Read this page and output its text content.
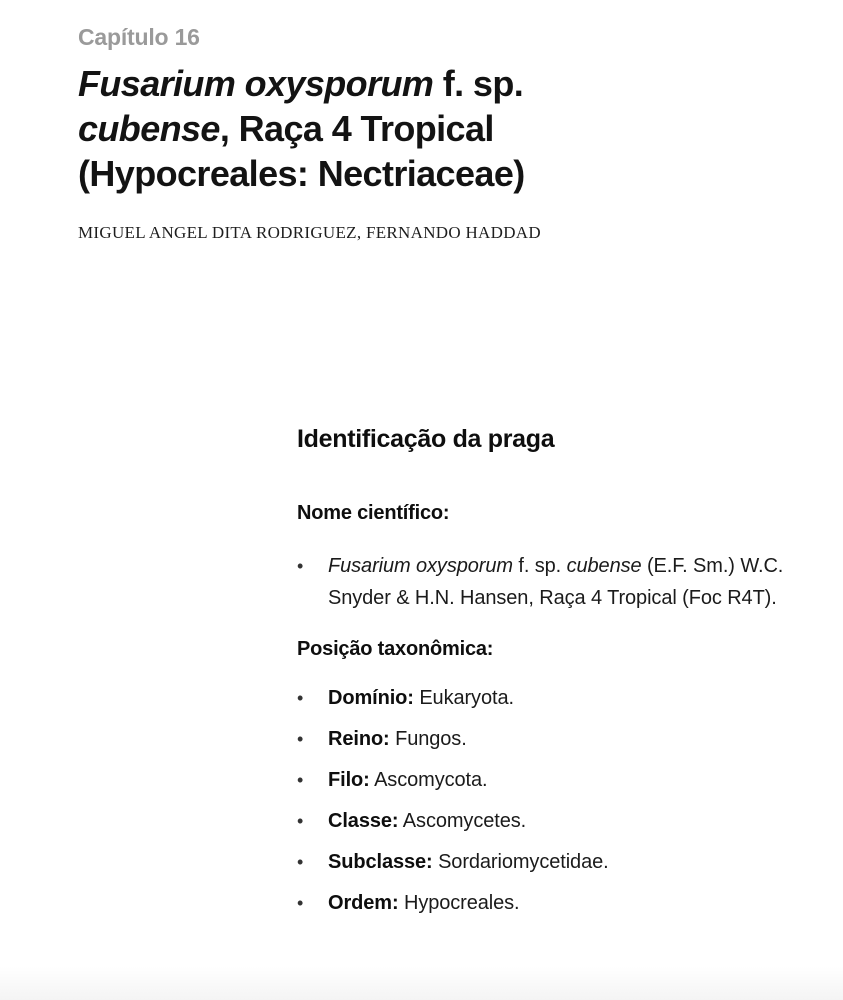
Capítulo 16
Fusarium oxysporum f. sp.
cubense, Raça 4 Tropical
(Hypocreales: Nectriaceae)
MIGUEL ANGEL DITA RODRIGUEZ, FERNANDO HADDAD
Identificação da praga
Nome científico:
•	Fusarium oxysporum f. sp. cubense (E.F. Sm.) W.C. Snyder & H.N. Hansen, Raça 4 Tropical (Foc R4T).
Posição taxonômica:
•	Domínio: Eukaryota.
•	Reino: Fungos.
•	Filo: Ascomycota.
•	Classe: Ascomycetes.
•	Subclasse: Sordariomycetidae.
•	Ordem: Hypocreales.
